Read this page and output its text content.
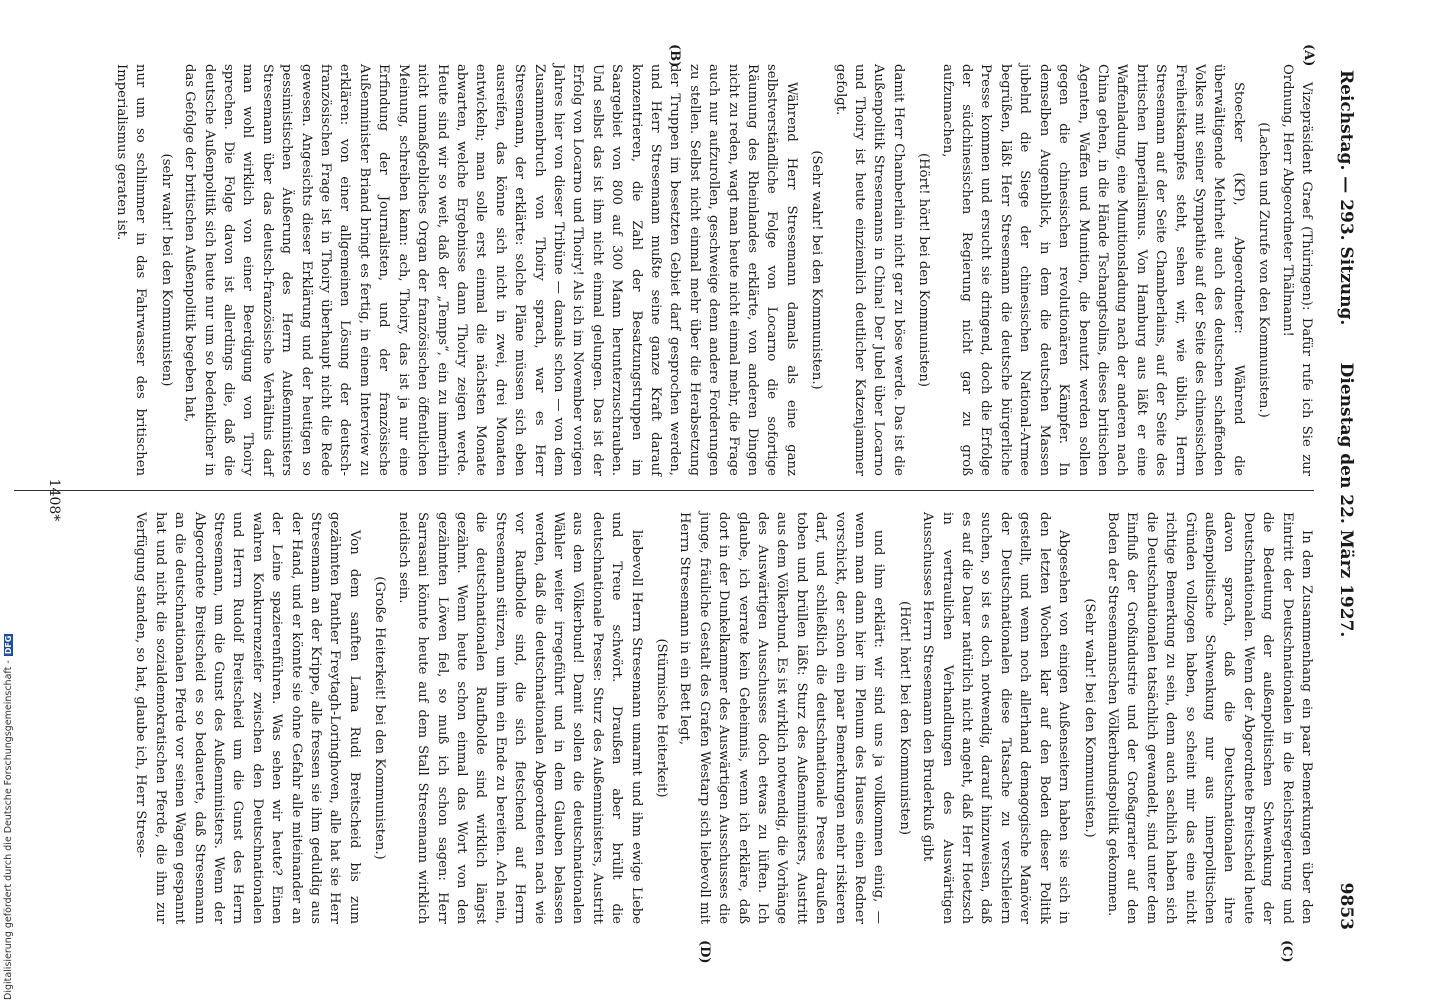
Reichstag. — 293. Sitzung.
Dienstag den 22. März 1927.
9853
(A)
(B)
(C)
(D)

Vizepräsident Graef (Thüringen): Dafür rufe ich Sie zur Ordnung, Herr Abgeordneter Thälmann!

(Lachen und Zurufe von den Kommunisten.)

Stoecker (KP), Abgeordneter: Während die überwältigende Mehrheit auch des deutschen schaffenden Volkes mit seiner Sympathie auf der Seite des chinesischen Freiheitskampfes steht, sehen wir, wie üblich, Herrn Stresemann auf der Seite Chamberlains, auf der Seite des britischen Imperialismus. Von Hamburg aus läßt er eine Waffenladung, eine Munitionsladung nach der anderen nach China gehen, in die Hände Tschangtsolins, dieses britischen Agenten, Waffen und Munition, die benutzt werden sollen gegen die chinesischen revolutionären Kämpfer. In demselben Augenblick, in dem die deutschen Massen jubelnd die Siege der chinesischen National-Armee begrüßen, läßt Herr Stresemann die deutsche bürgerliche Presse kommen und ersucht sie dringend, doch die Erfolge der südchinesischen Regierung nicht gar zu groß aufzumachen,

(Hört! hört! bei den Kommunisten)

damit Herr Chamberlain nicht gar zu böse werde. Das ist die Außenpolitik Stresemanns in China! Der Jubel über Locarno und Thoiry ist heute einziemlich deutlicher Katzenjammer gefolgt.

(Sehr wahr! bei den Kommunisten.)

Während Herr Stresemann damals als eine ganz selbstverständliche Folge von Locarno die sofortige Räumung des Rheinlandes erklärte, von anderen Dingen nicht zu reden, wagt man heute nicht einmal mehr, die Frage auch nur aufzurollen, geschweige denn andere Forderungen zu stellen. Selbst nicht einmal mehr über die Herabsetzung der Truppen im besetzten Gebiet darf gesprochen werden, und Herr Stresemann mußte seine ganze Kraft darauf konzentrieren, die Zahl der Besatzungstruppen im Saargebiet von 800 auf 300 Mann herunterzuschrauben. Und selbst das ist ihm nicht einmal gelungen. Das ist der Erfolg von Locarno und Thoiry! Als ich im November vorigen Jahres hier von dieser Tribüne — damals schon — von dem Zusammenbruch von Thoiry sprach, war es Herr Stresemann, der erklärte: solche Pläne müssen sich eben ausreifen, das könne sich nicht in zwei, drei Monaten entwickeln; man solle erst einmal die nächsten Monate abwarten, welche Ergebnisse dann Thoiry zeigen werde. Heute sind wir so weit, daß der „Temps“, ein zu immerhin nicht unmaßgebliches Organ der französischen öffentlichen Meinung, schreiben kann: ach, Thoiry, das ist ja nur eine Erfindung der Journalisten, und der französische Außenminister Briand bringt es fertig, in einem Interview zu erklären: von einer allgemeinen Lösung der deutsch-französischen Frage ist in Thoiry überhaupt nicht die Rede gewesen. Angesichts dieser Erklärung und der heutigen so pessimistischen Äußerung des Herrn Außenministers Stresemann über das deutsch-französische Verhältnis darf man wohl wirklich von einer Beerdigung von Thoiry sprechen. Die Folge davon ist allerdings die, daß die deutsche Außenpolitik sich heute nur um so bedenklicher in das Gefolge der britischen Außenpolitik begeben hat,

(sehr wahr! bei den Kommunisten)

nur um so schlimmer in das Fahrwasser des britischen Imperialismus geraten ist.

In dem Zusammenhang ein paar Bemerkungen über den Eintritt der Deutschnationalen in die Reichsregierung und die Bedeutung der außenpolitischen Schwenkung der Deutschnationalen. Wenn der Abgeordnete Breitscheid heute davon sprach, daß die Deutschnationalen ihre außenpolitische Schwenkung nur aus innerpolitischen Gründen vollzogen haben, so scheint mir das eine nicht richtige Bemerkung zu sein, denn auch sachlich haben sich die Deutschnationalen tatsächlich gewandelt, sind unter dem Einfluß der Großindustrie und der Großagrarier auf den Boden der Stresemannschen Völkerbundspolitik gekommen.

(Sehr wahr! bei den Kommunisten.)

Abgesehen von einigen Außenseitern haben sie sich in den letzten Wochen klar auf den Boden dieser Politik gestellt, und wenn noch allerhand demagogische Manöver der Deutschnationalen diese Tatsache zu verschleiern suchen, so ist es doch notwendig, darauf hinzuweisen, daß es auf die Dauer natürlich nicht angeht, daß Herr Hoetzsch in vertraulichen Verhandlungen des Auswärtigen Ausschusses Herrn Stresemann den Bruderkuß gibt

(Hört! hört! bei den Kommunisten)

und ihm erklärt: wir sind uns ja vollkommen einig, — wenn man dann hier im Plenum des Hauses einen Redner vorschickt, der schon ein paar Bemerkungen mehr riskieren darf, und schließlich die deutschnationale Presse draußen toben und brüllen läßt: Sturz des Außenministers, Austritt aus dem Völkerbund. Es ist wirklich notwendig, die Vorhänge des Auswärtigen Ausschusses doch etwas zu lüften. Ich glaube, ich verrate kein Geheimnis, wenn ich erkläre, daß dort in der Dunkelkammer des Auswärtigen Ausschusses die junge, fräuliche Gestalt des Grafen Westarp sich liebevoll mit Herrn Stresemann in ein Bett legt,

(Stürmische Heiterkeit)

liebevoll Herrn Stresemann umarmt und ihm ewige Liebe und Treue schwört. Draußen aber brüllt die deutschnationale Presse: Sturz des Außenministers, Austritt aus dem Völkerbund! Damit sollen die deutschnationalen Wähler weiter irregeführt und in dem Glauben belassen werden, daß die deutschnationalen Abgeordneten nach wie vor Raufbolde sind, die sich fletschend auf Herrn Stresemann stürzen, um ihm ein Ende zu bereiten. Ach nein, die deutschnationalen Raufbolde sind wirklich längst gezähmt. Wenn heute schon einmal das Wort von den gezähmten Löwen fiel, so muß ich schon sagen: Herr Sarrasani könnte heute auf dem Stall Stresemann wirklich neidisch sein.

(Große Heiterkeit! bei den Kommunisten.)

Von dem sanften Lama Rudi Breitscheid bis zum gezähmten Panther Freytagh-Loringhoven, alle hat sie Herr Stresemann an der Krippe, alle fressen sie ihm geduldig aus der Hand, und er könnte sie ohne Gefahr alle miteinander an der Leine spazierenführen. Was sehen wir heute? Einen wahren Konkurrenzeifer zwischen den Deutschnationalen und Herrn Rudolf Breitscheid um die Gunst des Herrn Stresemann, um die Gunst des Außenministers. Wenn der Abgeordnete Breitscheid es so bedauerte, daß Stresemann an die deutschnationalen Pferde vor seinen Wagen gespannt hat und nicht die sozialdemokratischen Pferde, die ihm zur Verfügung standen, so hat, glaube ich, Herr Strese-

1408*
Digitalisierung gefördert durch die Deutsche Forschungsgemeinschaft -
DFG
